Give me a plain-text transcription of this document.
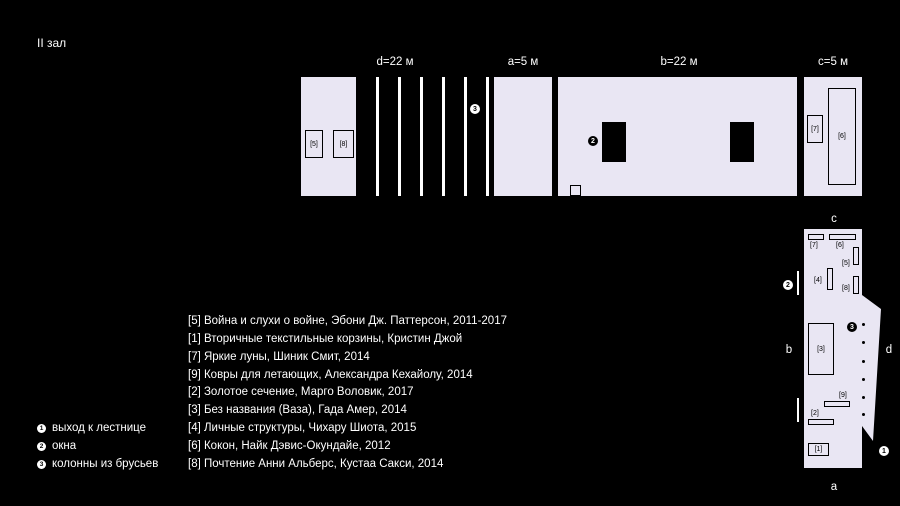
II зал
d=22 м	a=5 м	b=22 м	c=5 м
[5]	[8]
3
2
[7]
[6]
c
b	d
a
2
3
1
[7]	[6]
[5]
[4]
[8]
[3]
[9]
[2]
[1]
1 выход к лестнице
2 окна
3 колонны из брусьев
[5] Война и слухи о войне, Эбони Дж. Паттерсон, 2011-2017
[1] Вторичные текстильные корзины, Кристин Джой
[7] Яркие луны, Шиник Смит, 2014
[9] Ковры для летающих, Александра Кехайолу, 2014
[2] Золотое сечение, Марго Воловик, 2017
[3] Без названия (Ваза), Гада Амер, 2014
[4] Личные структуры, Чихару Шиота, 2015
[6] Кокон, Найк Дэвис-Окундайе, 2012
[8] Почтение Анни Альберс, Кустаа Сакси, 2014
